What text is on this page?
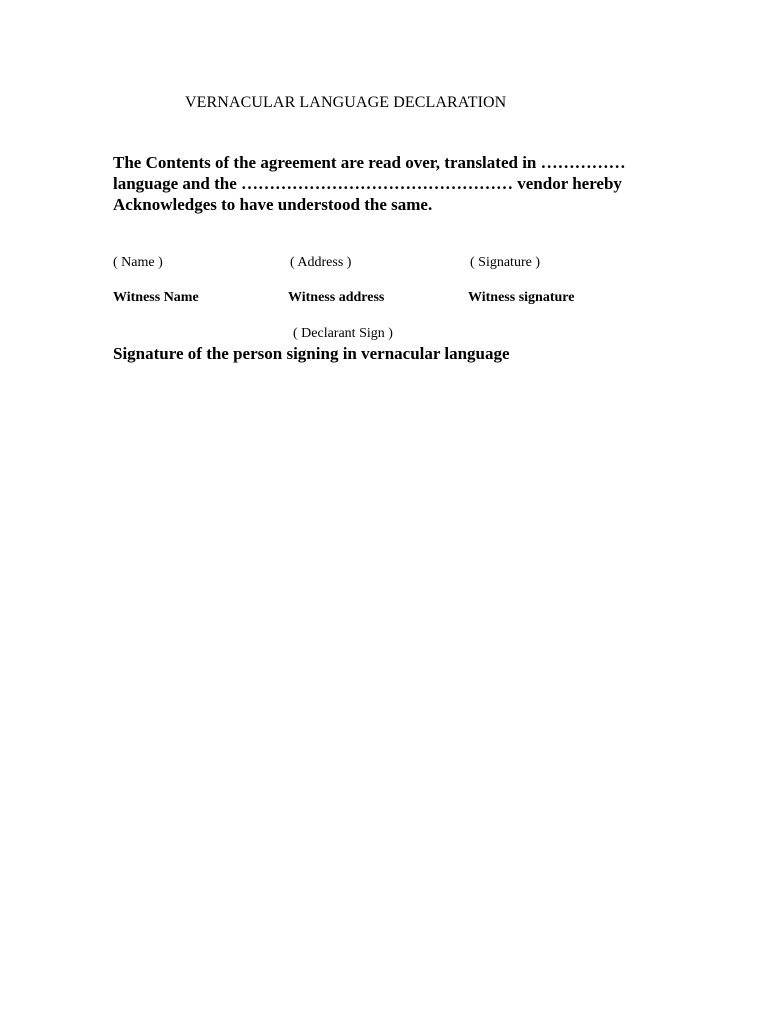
VERNACULAR LANGUAGE DECLARATION
The Contents of the agreement are read over, translated in ……………
language and the ………………………………………… vendor hereby
Acknowledges to have understood the same.
( Name )	( Address )	( Signature )
Witness Name	Witness address	Witness signature
( Declarant Sign )
Signature of the person signing in vernacular language
